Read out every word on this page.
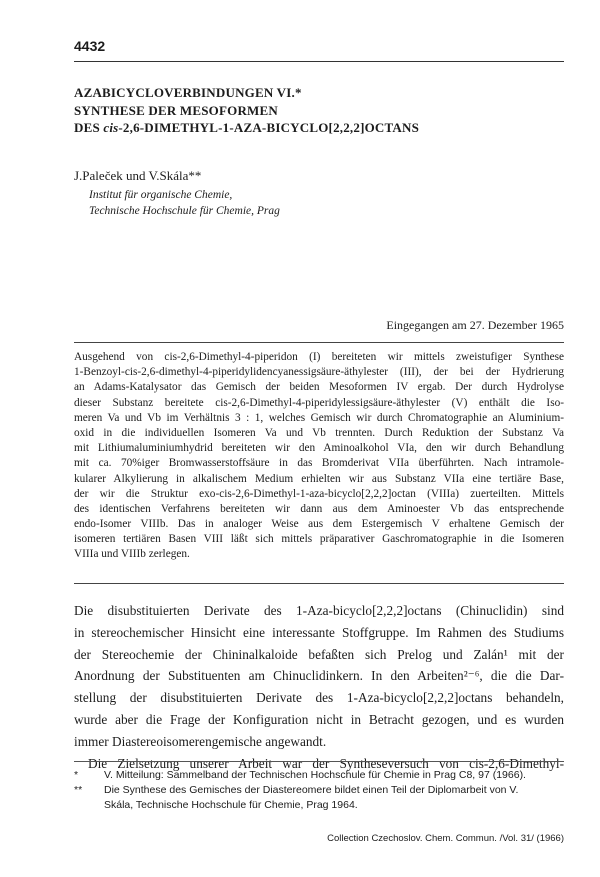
4432
AZABICYCLOVERBINDUNGEN VI.*
SYNTHESE DER MESOFORMEN
DES cis-2,6-DIMETHYL-1-AZA-BICYCLO[2,2,2]OCTANS
J.Paleček und V.Skála**
Institut für organische Chemie,
Technische Hochschule für Chemie, Prag
Eingegangen am 27. Dezember 1965
Ausgehend von cis-2,6-Dimethyl-4-piperidon (I) bereiteten wir mittels zweistufiger Synthese
1-Benzoyl-cis-2,6-dimethyl-4-piperidylidencyanessigsäure-äthylester (III), der bei der Hydrierung
an Adams-Katalysator das Gemisch der beiden Mesoformen IV ergab. Der durch Hydrolyse
dieser Substanz bereitete cis-2,6-Dimethyl-4-piperidylessigsäure-äthylester (V) enthält die Iso-
meren Va und Vb im Verhältnis 3 : 1, welches Gemisch wir durch Chromatographie an Aluminium-
oxid in die individuellen Isomeren Va und Vb trennten. Durch Reduktion der Substanz Va
mit Lithiumaluminiumhydrid bereiteten wir den Aminoalkohol VIa, den wir durch Behandlung
mit ca. 70%iger Bromwasserstoffsäure in das Bromderivat VIIa überführten. Nach intramole-
kularer Alkylierung in alkalischem Medium erhielten wir aus Substanz VIIa eine tertiäre Base,
der wir die Struktur exo-cis-2,6-Dimethyl-1-aza-bicyclo[2,2,2]octan (VIIIa) zuerteilten. Mittels
des identischen Verfahrens bereiteten wir dann aus dem Aminoester Vb das entsprechende
endo-Isomer VIIIb. Das in analoger Weise aus dem Estergemisch V erhaltene Gemisch der
isomeren tertiären Basen VIII läßt sich mittels präparativer Gaschromatographie in die Isomeren
VIIIa und VIIIb zerlegen.
Die disubstituierten Derivate des 1-Aza-bicyclo[2,2,2]octans (Chinuclidin) sind
in stereochemischer Hinsicht eine interessante Stoffgruppe. Im Rahmen des Studiums
der Stereochemie der Chininalkaloide befaßten sich Prelog und Zalán¹ mit der
Anordnung der Substituenten am Chinuclidinkern. In den Arbeiten²⁻⁶, die die Dar-
stellung der disubstituierten Derivate des 1-Aza-bicyclo[2,2,2]octans behandeln,
wurde aber die Frage der Konfiguration nicht in Betracht gezogen, und es wurden
immer Diastereoisomerengemische angewandt.
Die Zielsetzung unserer Arbeit war der Syntheseversuch von cis-2,6-Dimethyl-
* V. Mitteilung: Sammelband der Technischen Hochschule für Chemie in Prag C8, 97 (1966).
** Die Synthese des Gemisches der Diastereomere bildet einen Teil der Diplomarbeit von V.
Skála, Technische Hochschule für Chemie, Prag 1964.
Collection Czechoslov. Chem. Commun. /Vol. 31/ (1966)
